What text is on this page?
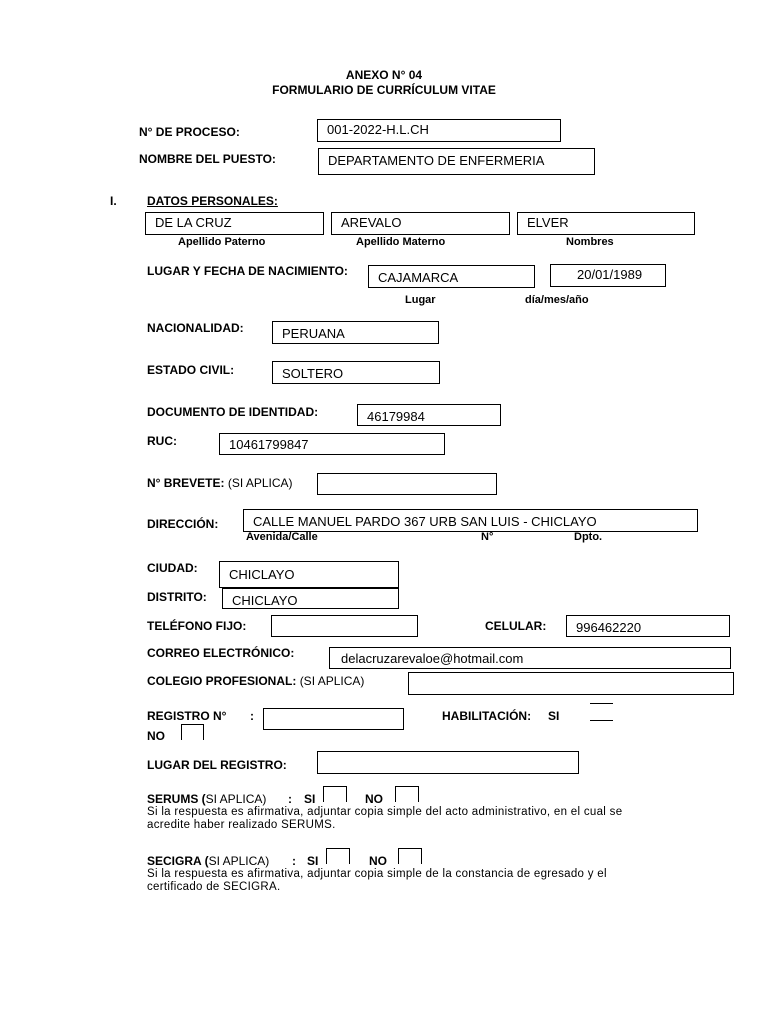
ANEXO N° 04
FORMULARIO DE CURRÍCULUM VITAE
N° DE PROCESO:	001-2022-H.L.CH
NOMBRE DEL PUESTO:	DEPARTAMENTO DE ENFERMERIA
I.	DATOS PERSONALES:
DE LA CRUZ	AREVALO	ELVER
Apellido Paterno	Apellido Materno	Nombres
LUGAR Y FECHA DE NACIMIENTO:	CAJAMARCA	20/01/1989
Lugar	día/mes/año
NACIONALIDAD:	PERUANA
ESTADO CIVIL:	SOLTERO
DOCUMENTO DE IDENTIDAD:	46179984
RUC:	10461799847
N° BREVETE: (SI APLICA)
DIRECCIÓN:	CALLE MANUEL PARDO 367 URB SAN LUIS - CHICLAYO
Avenida/Calle	N°	Dpto.
CIUDAD:	CHICLAYO
DISTRITO:	CHICLAYO
TELÉFONO FIJO:	CELULAR:	996462220
CORREO ELECTRÓNICO:	delacruzarevaloe@hotmail.com
COLEGIO PROFESIONAL: (SI APLICA)
REGISTRO N° :	HABILITACIÓN: SI
NO
LUGAR DEL REGISTRO:
SERUMS (SI APLICA) : SI	NO
Si la respuesta es afirmativa, adjuntar copia simple del acto administrativo, en el cual se
acredite haber realizado SERUMS.
SECIGRA (SI APLICA) : SI	NO
Si la respuesta es afirmativa, adjuntar copia simple de la constancia de egresado y el
certificado de SECIGRA.
